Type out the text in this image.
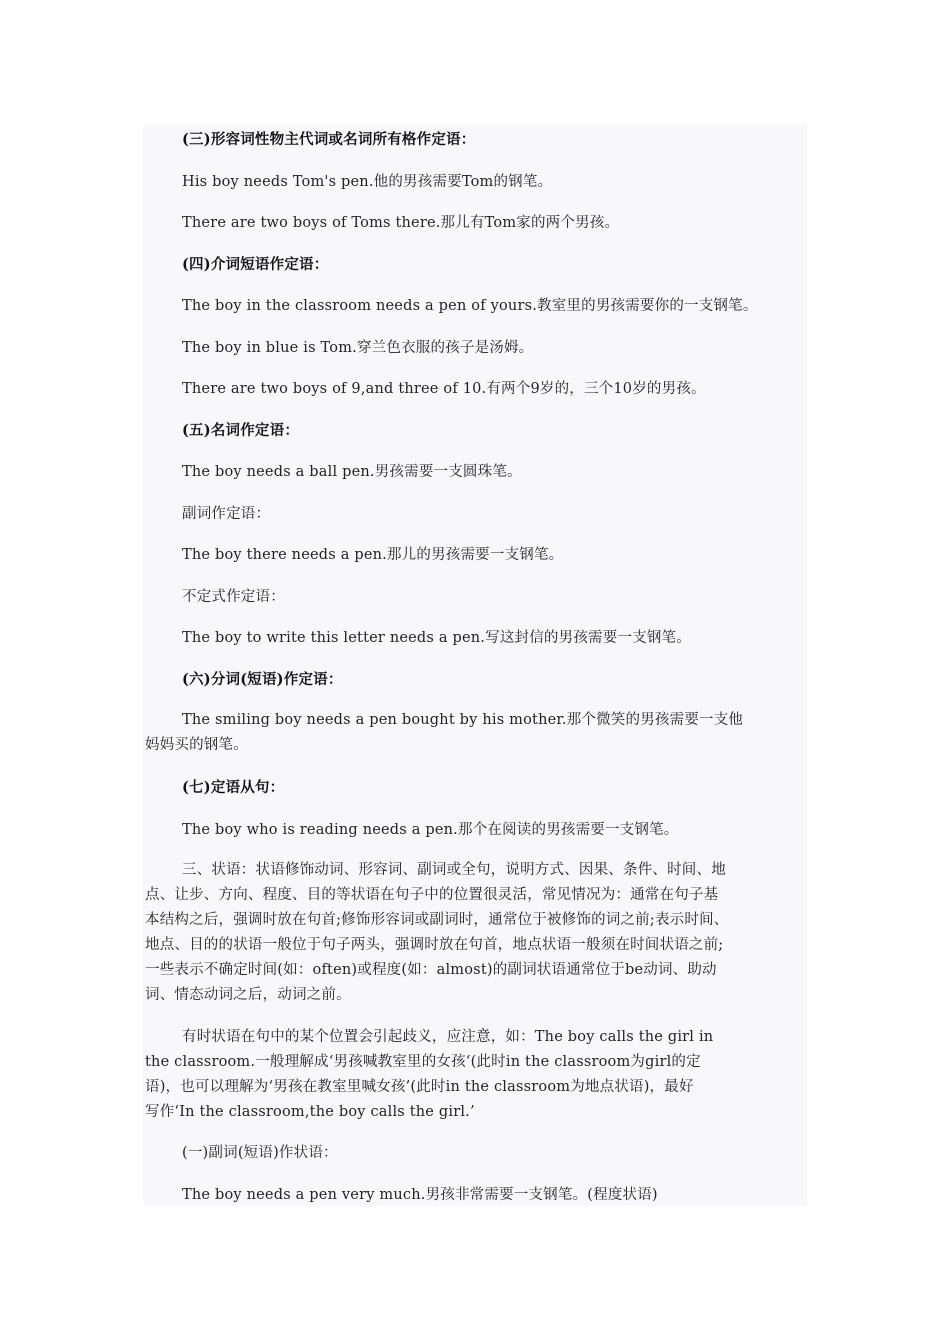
(三)形容词性物主代词或名词所有格作定语：
His boy needs Tom's pen.他的男孩需要Tom的钢笔。
There are two boys of Toms there.那儿有Tom家的两个男孩。
(四)介词短语作定语：
The boy in the classroom needs a pen of yours.教室里的男孩需要你的一支钢笔。
The boy in blue is Tom.穿兰色衣服的孩子是汤姆。
There are two boys of 9,and three of 10.有两个9岁的，三个10岁的男孩。
(五)名词作定语：
The boy needs a ball pen.男孩需要一支圆珠笔。
副词作定语：
The boy there needs a pen.那儿的男孩需要一支钢笔。
不定式作定语：
The boy to write this letter needs a pen.写这封信的男孩需要一支钢笔。
(六)分词(短语)作定语：
The smiling boy needs a pen bought by his mother.那个微笑的男孩需要一支他
妈妈买的钢笔。
(七)定语从句：
The boy who is reading needs a pen.那个在阅读的男孩需要一支钢笔。
三、状语：状语修饰动词、形容词、副词或全句，说明方式、因果、条件、时间、地
点、让步、方向、程度、目的等状语在句子中的位置很灵活，常见情况为：通常在句子基
本结构之后，强调时放在句首;修饰形容词或副词时，通常位于被修饰的词之前;表示时间、
地点、目的的状语一般位于句子两头，强调时放在句首，地点状语一般须在时间状语之前;
一些表示不确定时间(如：often)或程度(如：almost)的副词状语通常位于be动词、助动
词、情态动词之后，动词之前。
有时状语在句中的某个位置会引起歧义，应注意，如：The boy calls the girl in
the classroom.一般理解成‘男孩喊教室里的女孩‘(此时in the classroom为girl的定
语)，也可以理解为‘男孩在教室里喊女孩’(此时in the classroom为地点状语)，最好
写作‘In the classroom,the boy calls the girl.’
(一)副词(短语)作状语：
The boy needs a pen very much.男孩非常需要一支钢笔。(程度状语)
